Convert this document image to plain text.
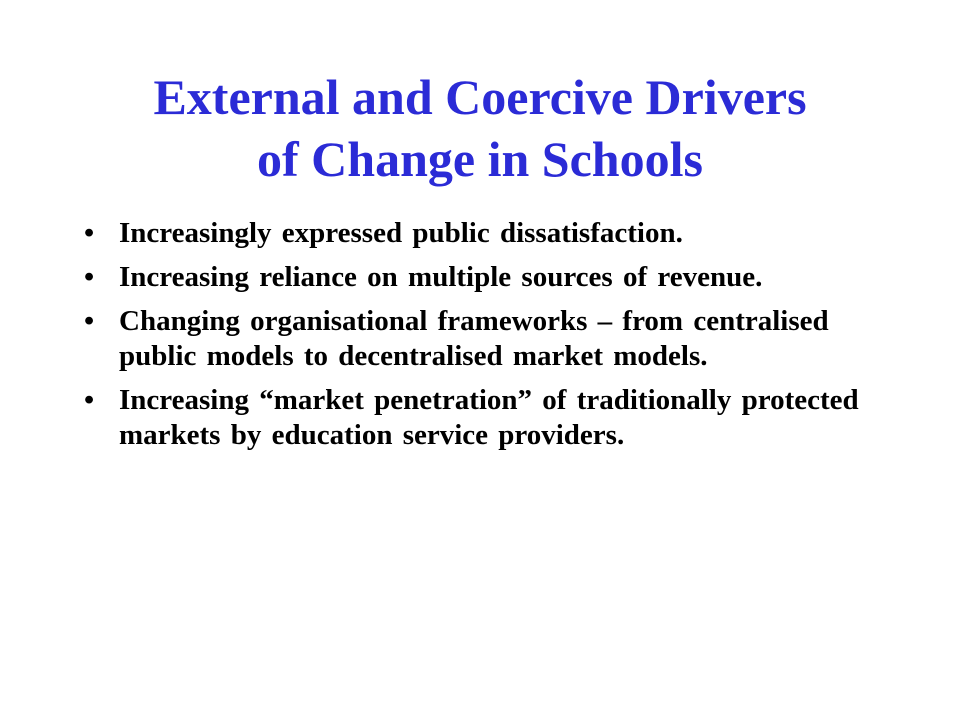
External and Coercive Drivers
of Change in Schools
• Increasingly expressed public dissatisfaction.
• Increasing reliance on multiple sources of revenue.
• Changing organisational frameworks – from centralised public models to decentralised market models.
• Increasing “market penetration” of traditionally protected markets by education service providers.
